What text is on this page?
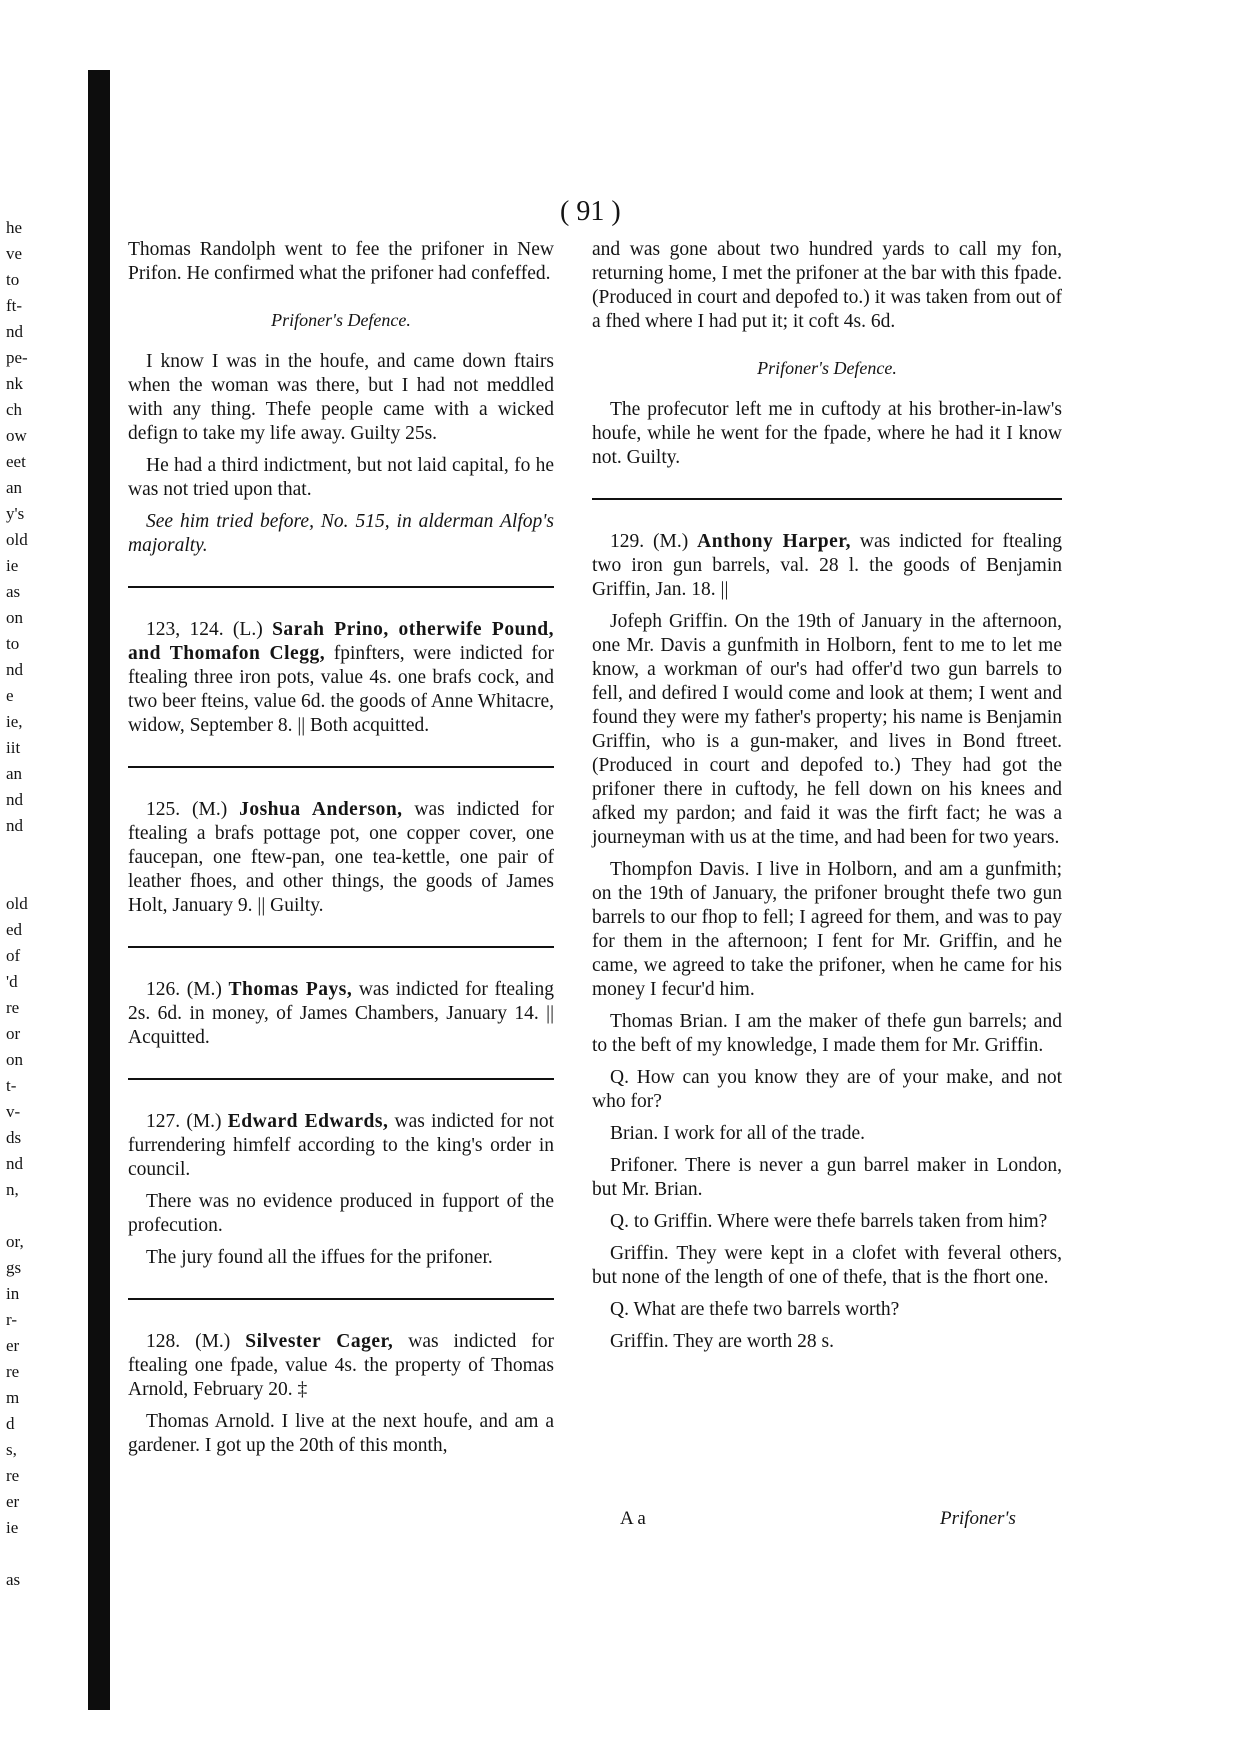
he
ve
to
ft-
nd
pe-
nk
ch
ow
eet
an
y's
old
ie
as
on
to
nd
e
ie,
iit
an
nd
nd
old
ed
of
'd
re
or
on
t-
v-
ds
nd
n,
or,
gs
in
r-
er
re
m
d
s,
re
er
ie
as
( 91 )

Thomas Randolph went to fee the prifoner in New Prifon. He confirmed what the prifoner had confeffed.

Prifoner's Defence.

I know I was in the houfe, and came down ftairs when the woman was there, but I had not meddled with any thing. Thefe people came with a wicked defign to take my life away. Guilty 25s.

He had a third indictment, but not laid capital, fo he was not tried upon that.

See him tried before, No. 515, in alderman Alfop's majoralty.

123, 124. (L.) Sarah Prino, otherwife Pound, and Thomafon Clegg, fpinfters, were indicted for ftealing three iron pots, value 4s. one brafs cock, and two beer fteins, value 6d. the goods of Anne Whitacre, widow, September 8. || Both acquitted.

125. (M.) Joshua Anderson, was indicted for ftealing a brafs pottage pot, one copper cover, one faucepan, one ftew-pan, one tea-kettle, one pair of leather fhoes, and other things, the goods of James Holt, January 9. || Guilty.

126. (M.) Thomas Pays, was indicted for ftealing 2s. 6d. in money, of James Chambers, January 14. || Acquitted.

127. (M.) Edward Edwards, was indicted for not furrendering himfelf according to the king's order in council.

There was no evidence produced in fupport of the profecution.

The jury found all the iffues for the prifoner.

128. (M.) Silvester Cager, was indicted for ftealing one fpade, value 4s. the property of Thomas Arnold, February 20. ‡

Thomas Arnold. I live at the next houfe, and am a gardener. I got up the 20th of this month,

and was gone about two hundred yards to call my fon, returning home, I met the prifoner at the bar with this fpade. (Produced in court and depofed to.) it was taken from out of a fhed where I had put it; it coft 4s. 6d.

Prifoner's Defence.

The profecutor left me in cuftody at his brother-in-law's houfe, while he went for the fpade, where he had it I know not. Guilty.

129. (M.) Anthony Harper, was indicted for ftealing two iron gun barrels, val. 28 l. the goods of Benjamin Griffin, Jan. 18. ||

Jofeph Griffin. On the 19th of January in the afternoon, one Mr. Davis a gunfmith in Holborn, fent to me to let me know, a workman of our's had offer'd two gun barrels to fell, and defired I would come and look at them; I went and found they were my father's property; his name is Benjamin Griffin, who is a gun-maker, and lives in Bond ftreet. (Produced in court and depofed to.) They had got the prifoner there in cuftody, he fell down on his knees and afked my pardon; and faid it was the firft fact; he was a journeyman with us at the time, and had been for two years.

Thompfon Davis. I live in Holborn, and am a gunfmith; on the 19th of January, the prifoner brought thefe two gun barrels to our fhop to fell; I agreed for them, and was to pay for them in the afternoon; I fent for Mr. Griffin, and he came, we agreed to take the prifoner, when he came for his money I fecur'd him.

Thomas Brian. I am the maker of thefe gun barrels; and to the beft of my knowledge, I made them for Mr. Griffin.

Q. How can you know they are of your make, and not who for?

Brian. I work for all of the trade.

Prifoner. There is never a gun barrel maker in London, but Mr. Brian.

Q. to Griffin. Where were thefe barrels taken from him?

Griffin. They were kept in a clofet with feveral others, but none of the length of one of thefe, that is the fhort one.

Q. What are thefe two barrels worth?

Griffin. They are worth 28 s.

A a	Prifoner's
